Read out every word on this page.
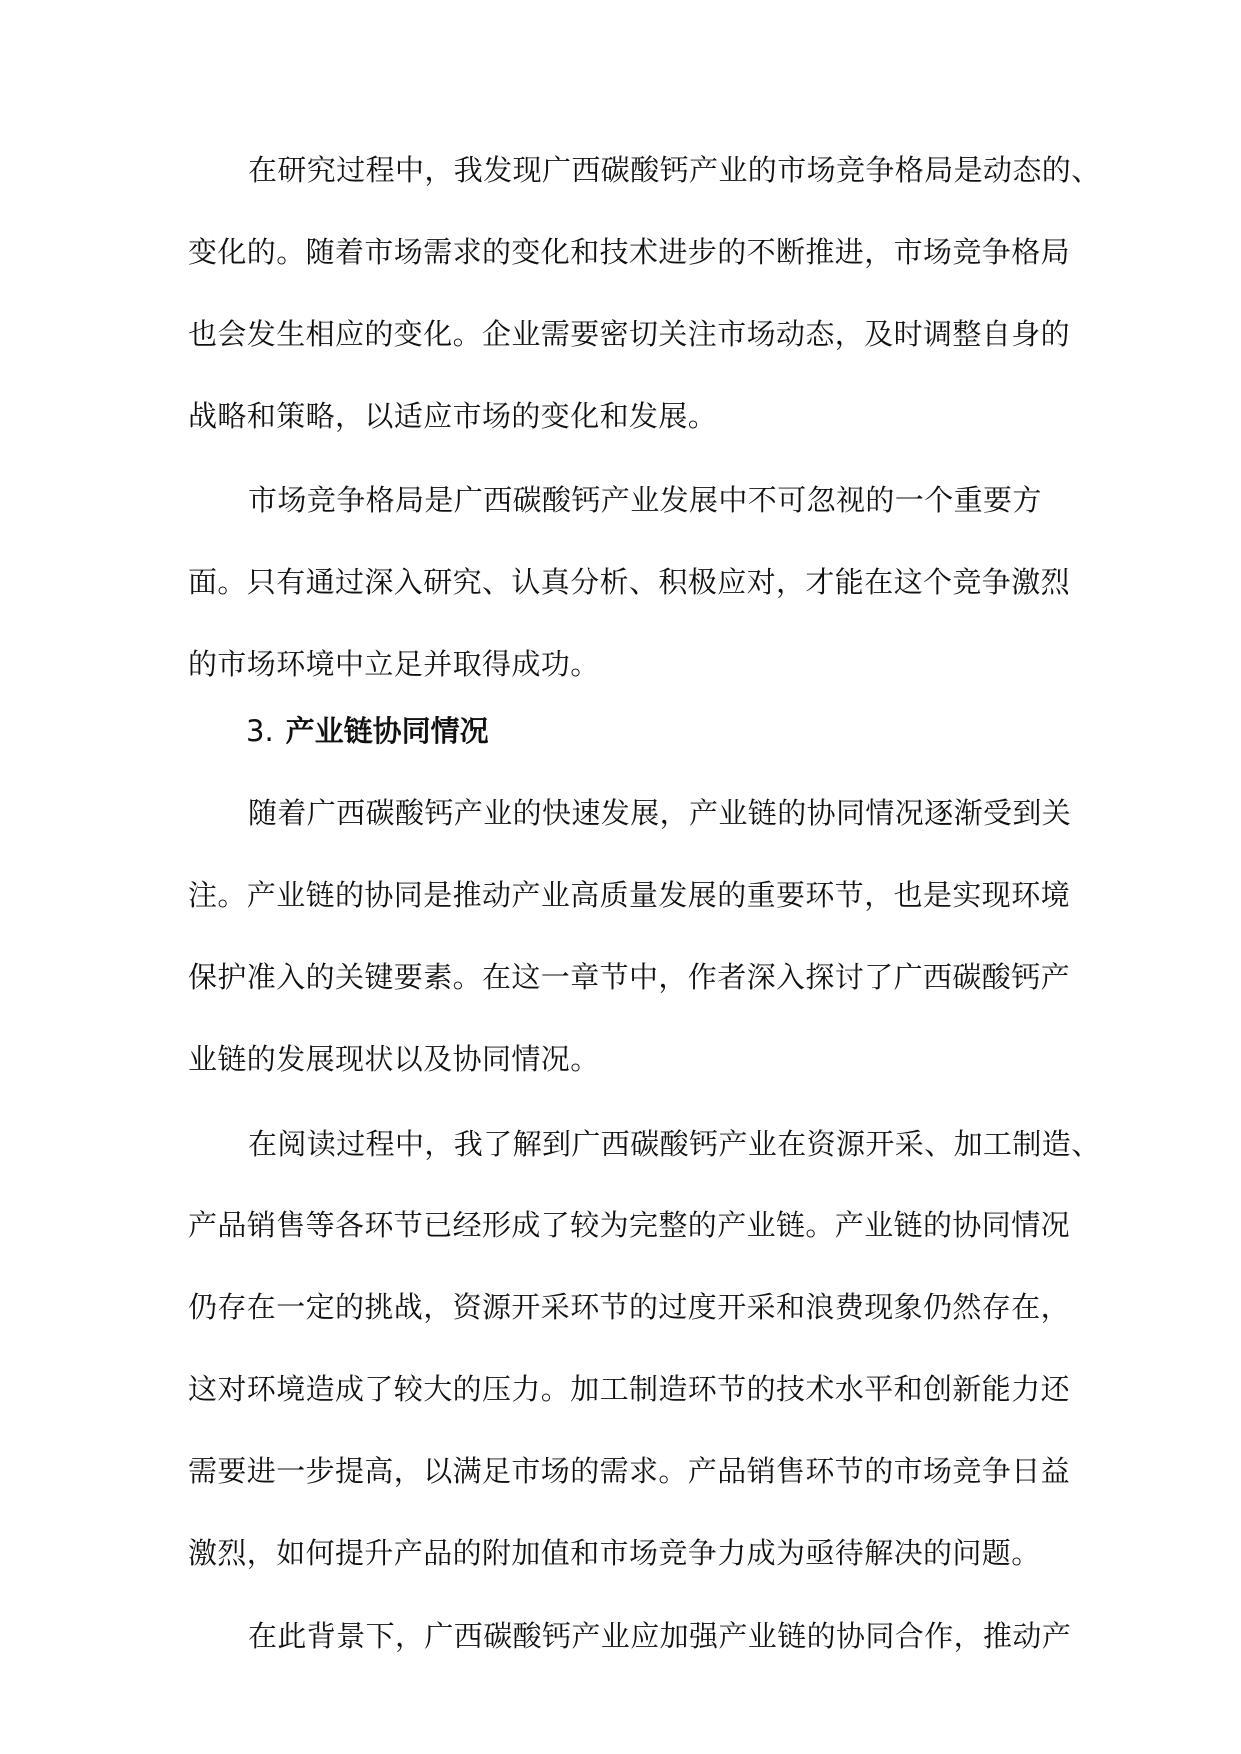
在研究过程中，我发现广西碳酸钙产业的市场竞争格局是动态的、

变化的。随着市场需求的变化和技术进步的不断推进，市场竞争格局

也会发生相应的变化。企业需要密切关注市场动态，及时调整自身的

战略和策略，以适应市场的变化和发展。

市场竞争格局是广西碳酸钙产业发展中不可忽视的一个重要方

面。只有通过深入研究、认真分析、积极应对，才能在这个竞争激烈

的市场环境中立足并取得成功。

3. 产业链协同情况

随着广西碳酸钙产业的快速发展，产业链的协同情况逐渐受到关

注。产业链的协同是推动产业高质量发展的重要环节，也是实现环境

保护准入的关键要素。在这一章节中，作者深入探讨了广西碳酸钙产

业链的发展现状以及协同情况。

在阅读过程中，我了解到广西碳酸钙产业在资源开采、加工制造、

产品销售等各环节已经形成了较为完整的产业链。产业链的协同情况

仍存在一定的挑战，资源开采环节的过度开采和浪费现象仍然存在，

这对环境造成了较大的压力。加工制造环节的技术水平和创新能力还

需要进一步提高，以满足市场的需求。产品销售环节的市场竞争日益

激烈，如何提升产品的附加值和市场竞争力成为亟待解决的问题。

在此背景下，广西碳酸钙产业应加强产业链的协同合作，推动产
